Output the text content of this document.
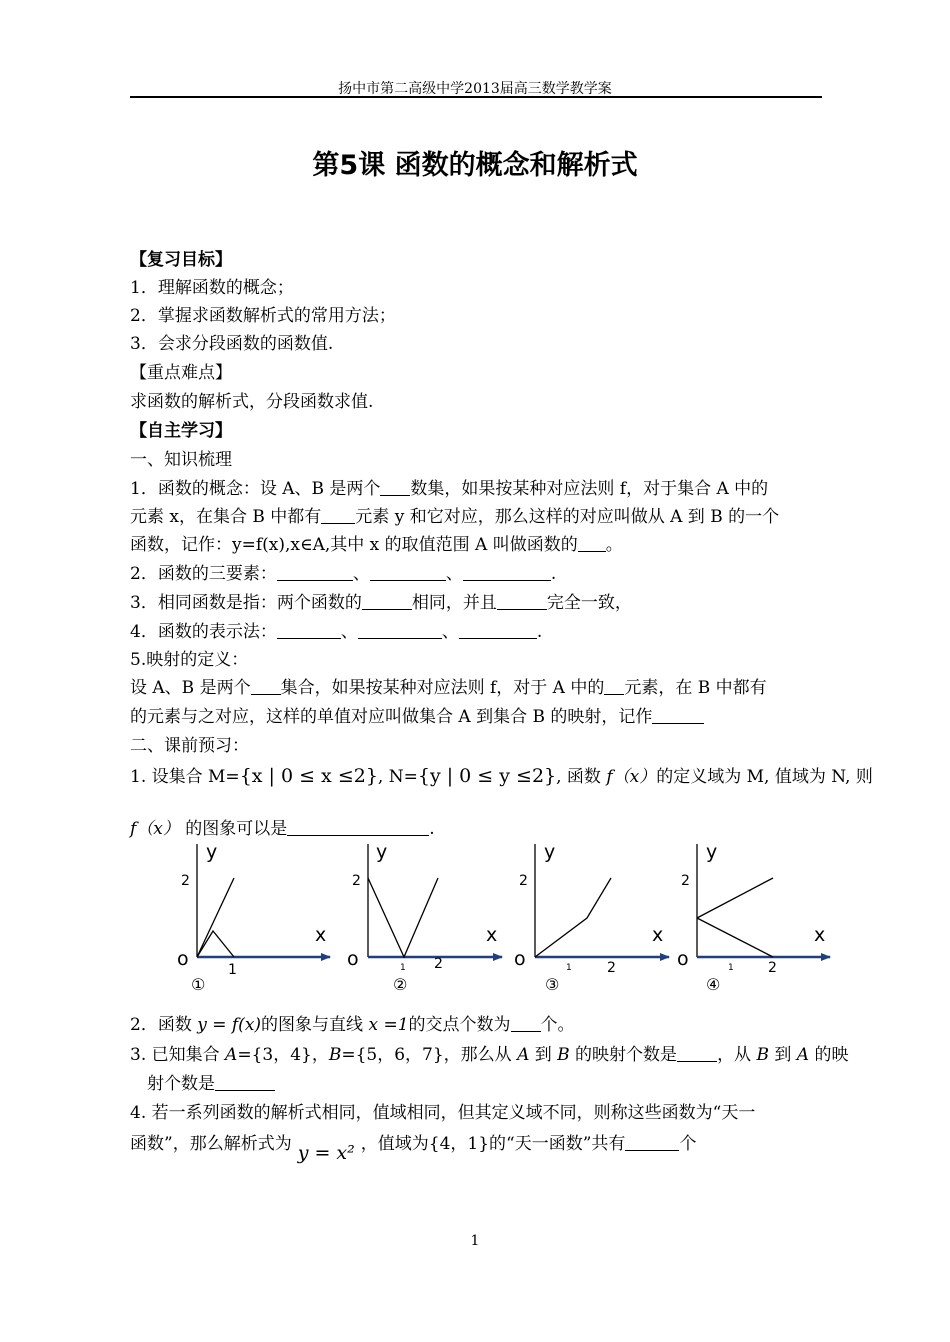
扬中市第二高级中学2013届高三数学教学案
第5课 函数的概念和解析式
【复习目标】
1．理解函数的概念；
2．掌握求函数解析式的常用方法；
3．会求分段函数的函数值.
【重点难点】
求函数的解析式，分段函数求值.
【自主学习】
一、知识梳理
1．函数的概念：设 A、B 是两个 数集，如果按某种对应法则 f，对于集合 A 中的
元素 x，在集合 B 中都有 元素 y 和它对应，那么这样的对应叫做从 A 到 B 的一个
函数，记作：y=f(x),x∈A,其中 x 的取值范围 A 叫做函数的 。
2．函数的三要素：	、	、	.
3．相同函数是指：两个函数的	相同，并且	完全一致，
4．函数的表示法：	、	、	.
5.映射的定义：
设 A、B 是两个 集合，如果按某种对应法则 f，对于 A 中的 元素，在 B 中都有
的元素与之对应，这样的单值对应叫做集合 A 到集合 B 的映射，记作
二、课前预习：
1. 设集合 M={x | 0 ≤ x ≤2}, N={y | 0 ≤ y ≤2}, 函数 f（x）的定义域为 M, 值域为 N, 则
f（x） 的图象可以是	.
y
x
o
2
1
①
y
x
o
2
1 2
②
y
x
o
2
1	2
③
y
x
o
2
1 2
④
2．函数 y = f(x)的图象与直线 x =1的交点个数为 个。
3. 已知集合 A={3，4}，B={5，6，7}，那么从 A 到 B 的映射个数是 ，从 B 到 A 的映
射个数是
4. 若一系列函数的解析式相同，值域相同，但其定义域不同，则称这些函数为“天一
函数”，那么解析式为 y = x² ，值域为{4，1}的“天一函数”共有	个
1
